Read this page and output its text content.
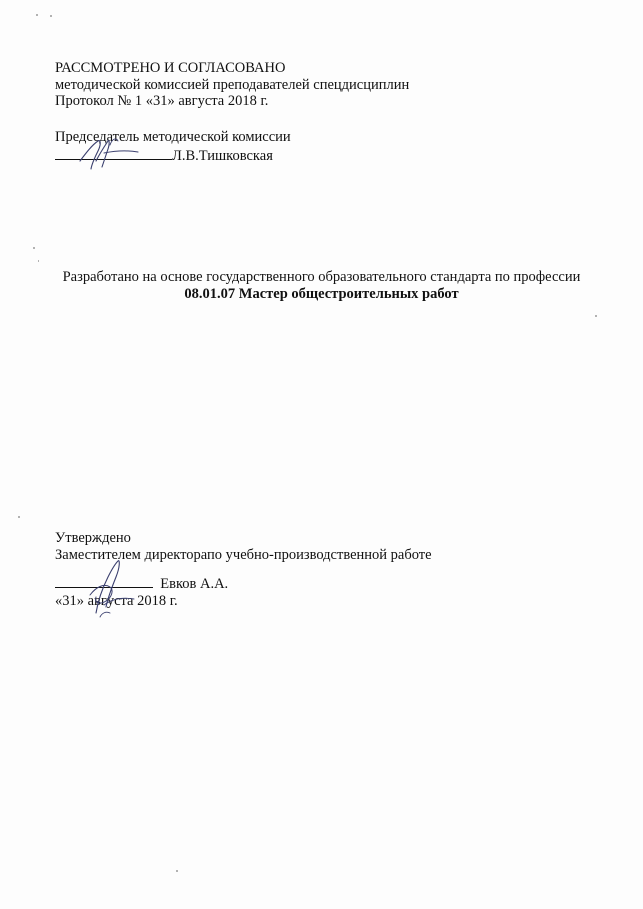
РАССМОТРЕНО И СОГЛАСОВАНО
методической комиссией преподавателей спецдисциплин
Протокол № 1 «31» августа 2018 г.
Председатель методической комиссии
Л.В.Тишковская
Разработано на основе государственного образовательного стандарта по профессии 08.01.07 Мастер общестроительных работ
Утверждено
Заместителем директорапо учебно-производственной работе
Евков А.А.
«31» августа 2018 г.
